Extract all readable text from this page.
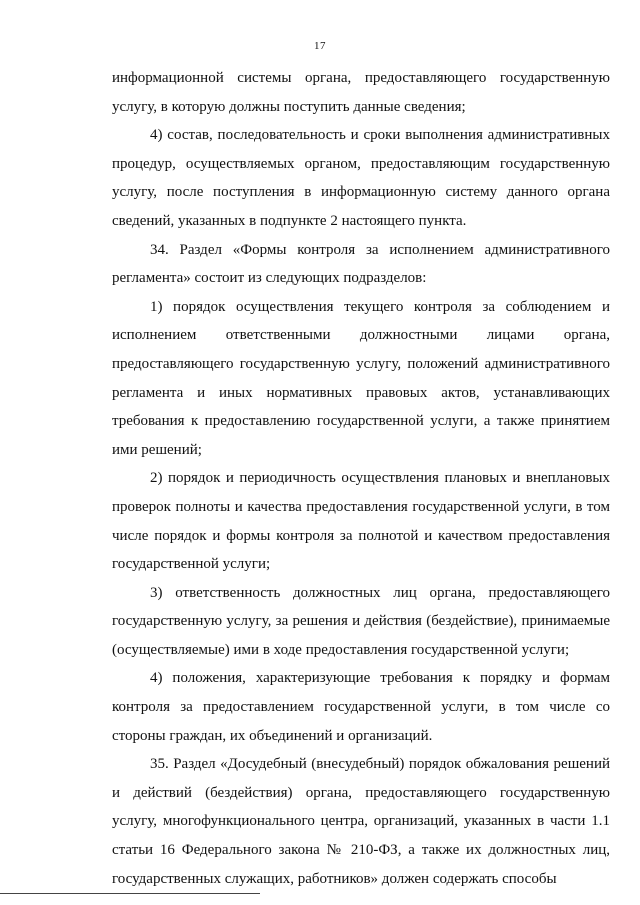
17

информационной системы органа, предоставляющего государственную услугу, в которую должны поступить данные сведения;

4) состав, последовательность и сроки выполнения административных процедур, осуществляемых органом, предоставляющим государственную услугу, после поступления в информационную систему данного органа сведений, указанных в подпункте 2 настоящего пункта.

34. Раздел «Формы контроля за исполнением административного регламента» состоит из следующих подразделов:

1) порядок осуществления текущего контроля за соблюдением и исполнением ответственными должностными лицами органа, предоставляющего государственную услугу, положений административного регламента и иных нормативных правовых актов, устанавливающих требования к предоставлению государственной услуги, а также принятием ими решений;

2) порядок и периодичность осуществления плановых и внеплановых проверок полноты и качества предоставления государственной услуги, в том числе порядок и формы контроля за полнотой и качеством предоставления государственной услуги;

3) ответственность должностных лиц органа, предоставляющего государственную услугу, за решения и действия (бездействие), принимаемые (осуществляемые) ими в ходе предоставления государственной услуги;

4) положения, характеризующие требования к порядку и формам контроля за предоставлением государственной услуги, в том числе со стороны граждан, их объединений и организаций.

35. Раздел «Досудебный (внесудебный) порядок обжалования решений и действий (бездействия) органа, предоставляющего государственную услугу, многофункционального центра, организаций, указанных в части 1.1 статьи 16 Федерального закона № 210-ФЗ, а также их должностных лиц, государственных служащих, работников» должен содержать способы
